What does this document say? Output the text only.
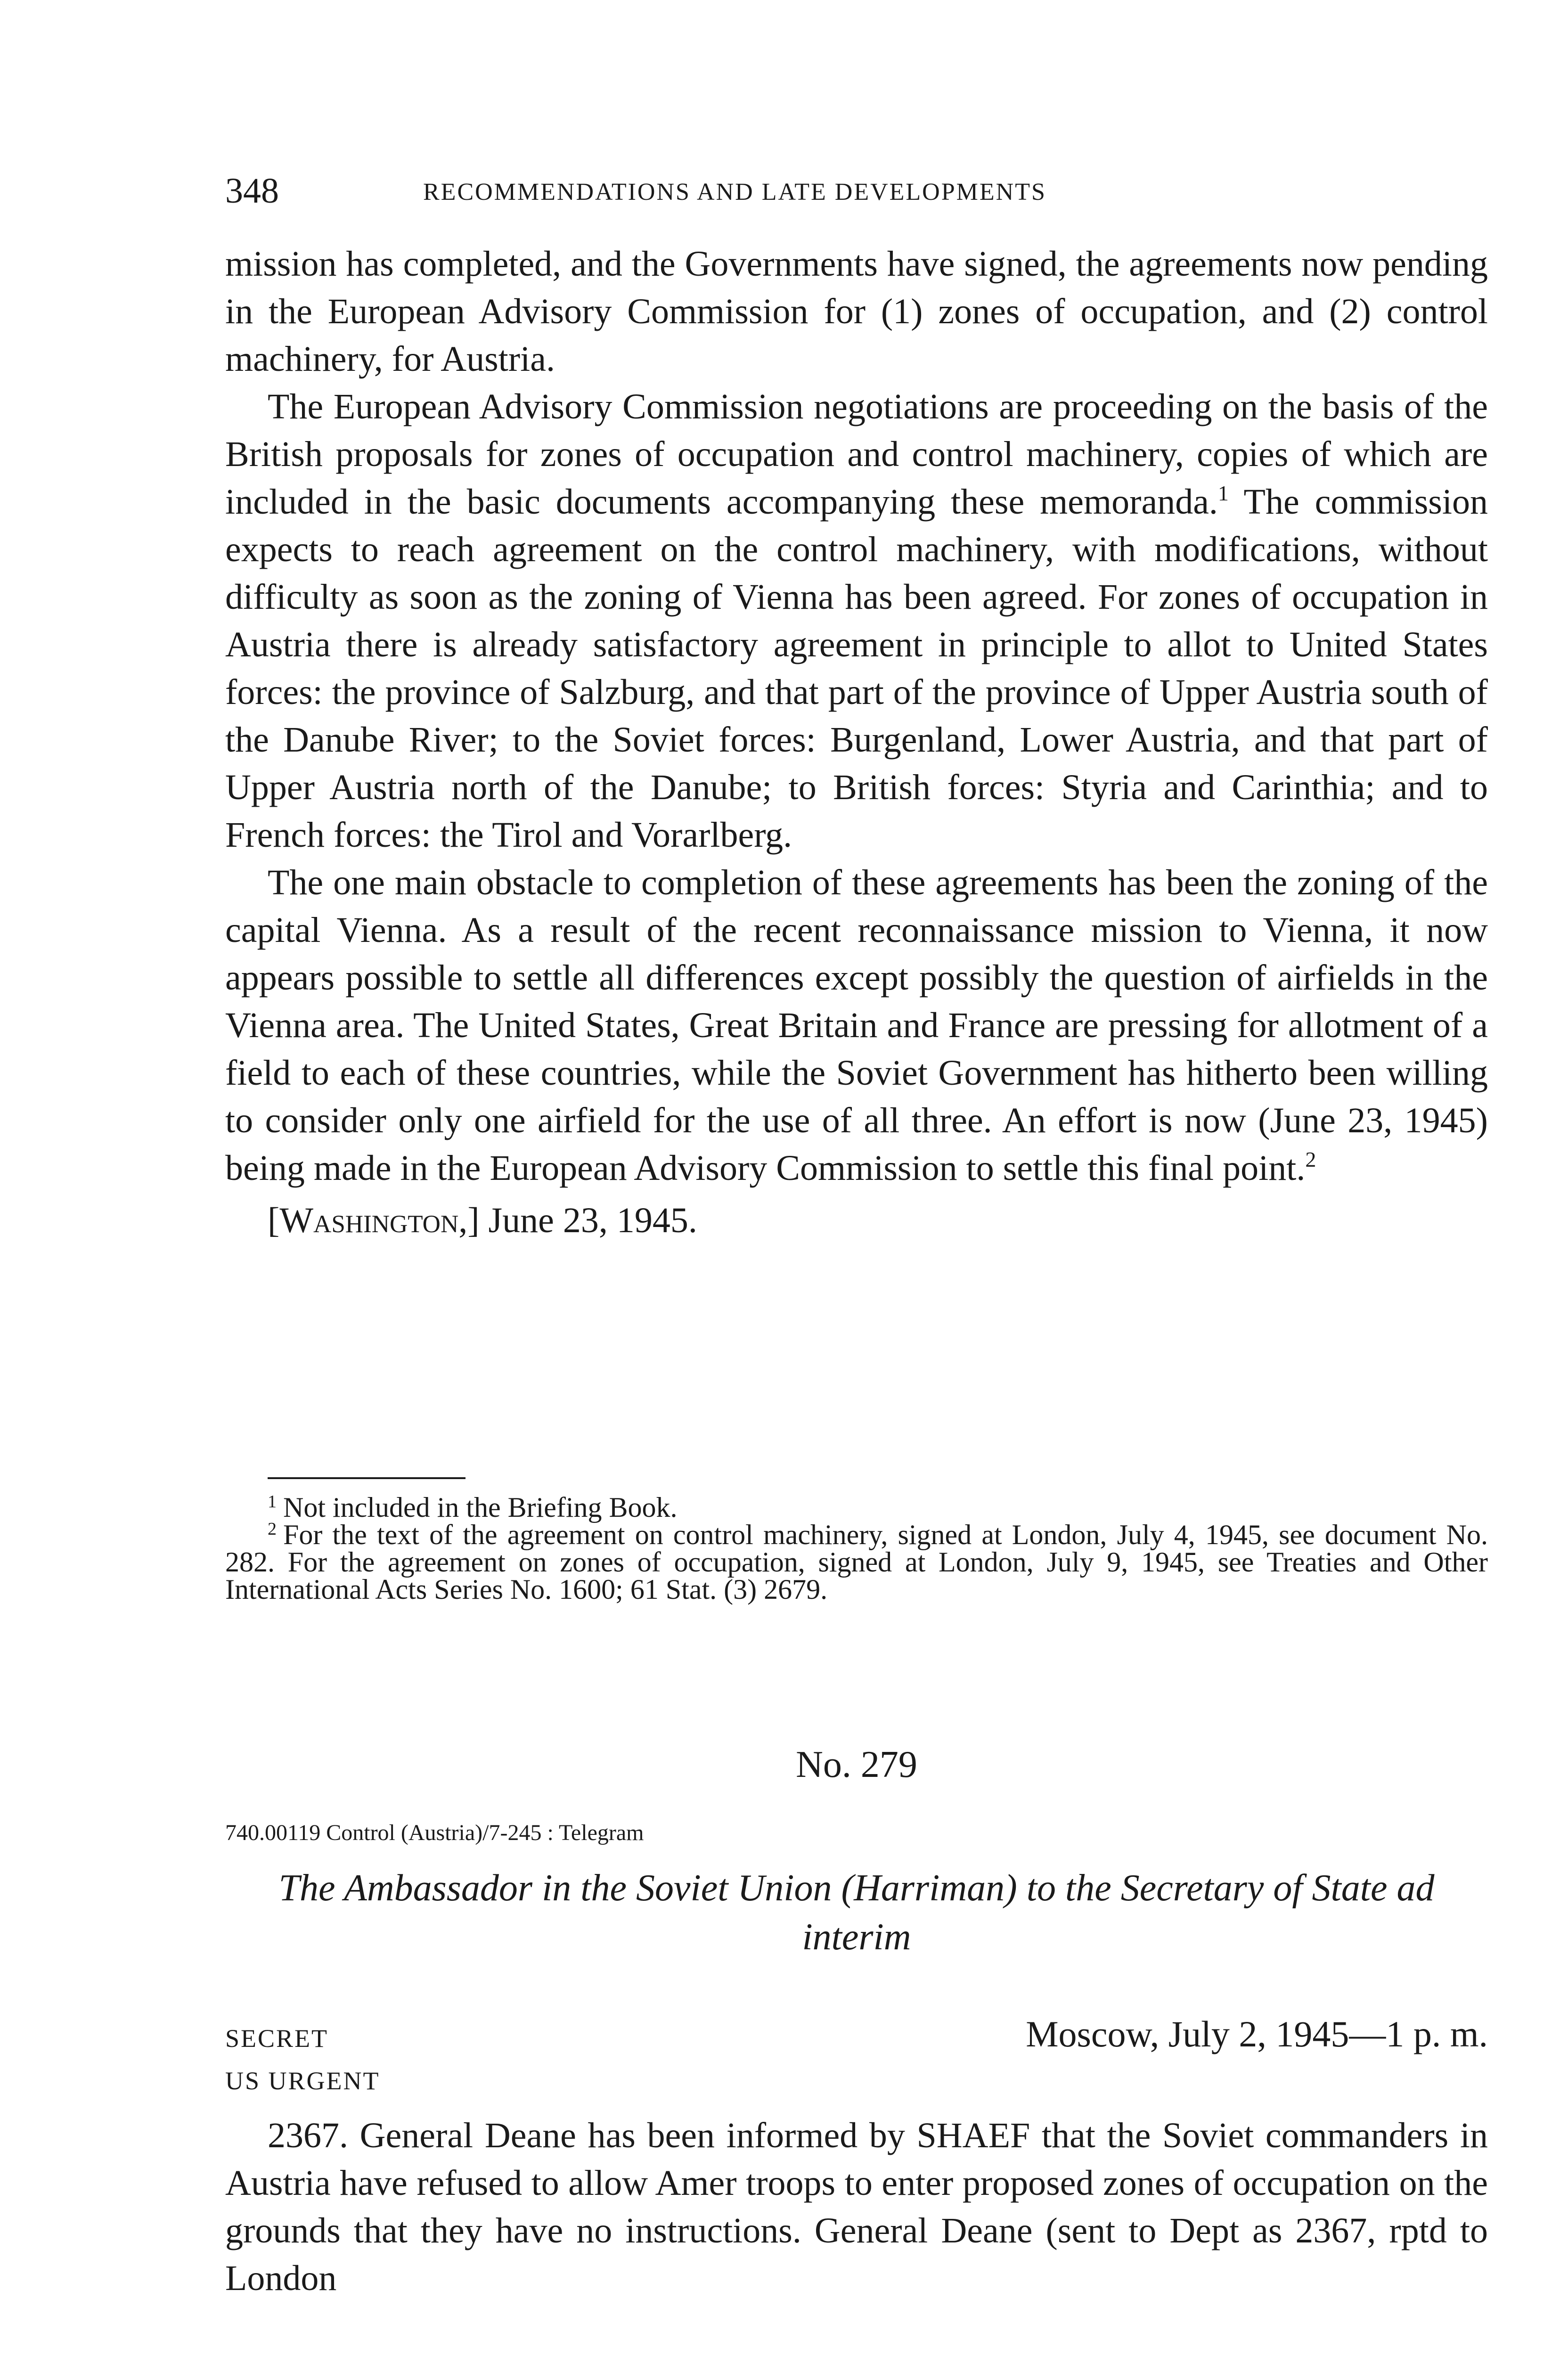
348	RECOMMENDATIONS AND LATE DEVELOPMENTS

mission has completed, and the Governments have signed, the agreements now pending in the European Advisory Commission for (1) zones of occupation, and (2) control machinery, for Austria.

The European Advisory Commission negotiations are proceeding on the basis of the British proposals for zones of occupation and control machinery, copies of which are included in the basic documents accompanying these memoranda.$^1$ The commission expects to reach agreement on the control machinery, with modifications, without difficulty as soon as the zoning of Vienna has been agreed. For zones of occupation in Austria there is already satisfactory agreement in principle to allot to United States forces: the province of Salzburg, and that part of the province of Upper Austria south of the Danube River; to the Soviet forces: Burgenland, Lower Austria, and that part of Upper Austria north of the Danube; to British forces: Styria and Carinthia; and to French forces: the Tirol and Vorarlberg.

The one main obstacle to completion of these agreements has been the zoning of the capital Vienna. As a result of the recent reconnaissance mission to Vienna, it now appears possible to settle all differences except possibly the question of airfields in the Vienna area. The United States, Great Britain and France are pressing for allotment of a field to each of these countries, while the Soviet Government has hitherto been willing to consider only one airfield for the use of all three. An effort is now (June 23, 1945) being made in the European Advisory Commission to settle this final point.$^2$

[Washington,] June 23, 1945.

$^1$ Not included in the Briefing Book.

$^2$ For the text of the agreement on control machinery, signed at London, July 4, 1945, see document No. 282. For the agreement on zones of occupation, signed at London, July 9, 1945, see Treaties and Other International Acts Series No. 1600; 61 Stat. (3) 2679.

No. 279
740.00119 Control (Austria)/7-245 : Telegram
The Ambassador in the Soviet Union (Harriman) to the Secretary of State ad interim
SECRET
US URGENT
Moscow, July 2, 1945—1 p. m.

2367. General Deane has been informed by SHAEF that the Soviet commanders in Austria have refused to allow Amer troops to enter proposed zones of occupation on the grounds that they have no instructions. General Deane (sent to Dept as 2367, rptd to London
